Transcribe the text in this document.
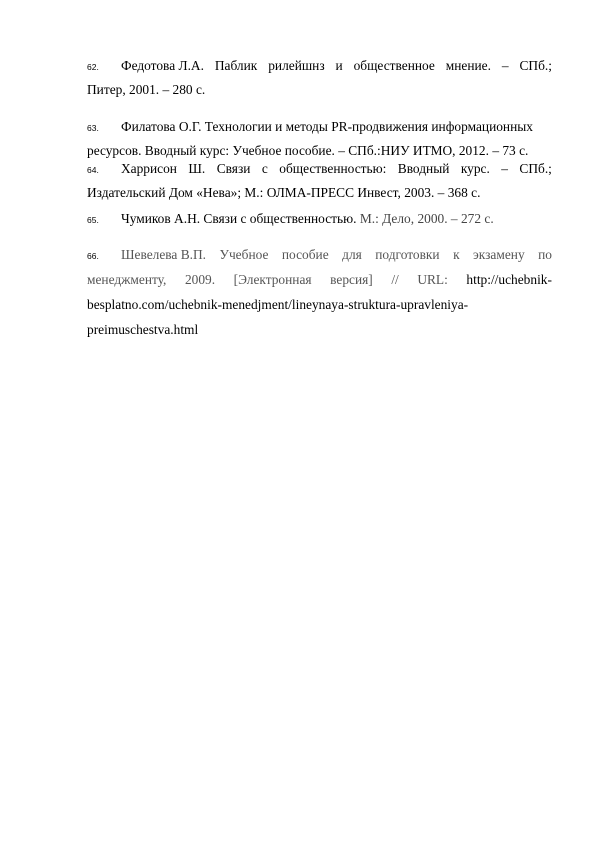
62. Федотова Л.А. Паблик рилейшнз и общественное мнение. – СПб.;
Питер, 2001. – 280 с.
63. Филатова О.Г. Технологии и методы PR-продвижения информационных
ресурсов. Вводный курс: Учебное пособие. – СПб.:НИУ ИТМО, 2012. – 73 с.
64. Харрисон Ш. Связи с общественностью: Вводный курс. – СПб.;
Издательский Дом «Нева»; М.: ОЛМА-ПРЕСС Инвест, 2003. – 368 с.
65. Чумиков А.Н. Связи с общественностью. М.: Дело, 2000. – 272 с.
66. Шевелева В.П. Учебное пособие для подготовки к экзамену по
менеджменту, 2009. [Электронная версия] // URL: http://uchebnik-
besplatno.com/uchebnik-menedjment/lineynaya-struktura-upravleniya-
preimuschestva.html
